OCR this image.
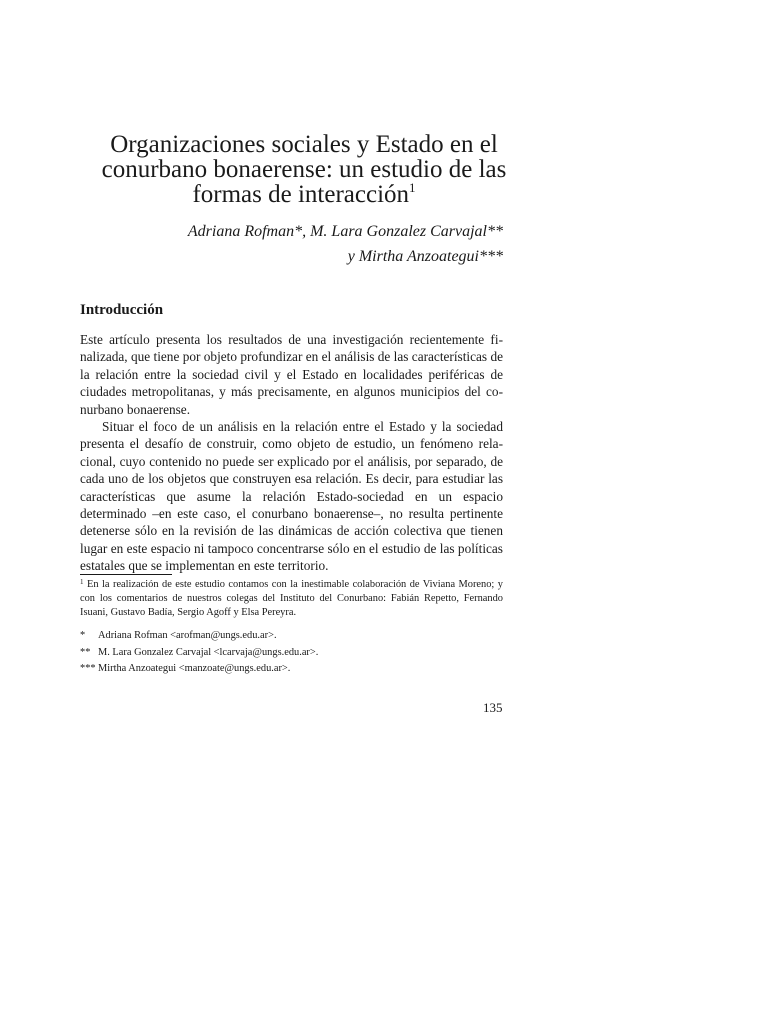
Organizaciones sociales y Estado en el conurbano bonaerense: un estudio de las formas de interacción$^1$
Adriana Rofman*, M. Lara Gonzalez Carvajal**
y Mirtha Anzoategui***
Introducción

Este artículo presenta los resultados de una investigación recientemente finalizada, que tiene por objeto profundizar en el análisis de las características de la relación entre la sociedad civil y el Estado en localidades periféricas de ciudades metropolitanas, y más precisamente, en algunos municipios del conurbano bonaerense.

Situar el foco de un análisis en la relación entre el Estado y la sociedad presenta el desafío de construir, como objeto de estudio, un fenómeno relacional, cuyo contenido no puede ser explicado por el análisis, por separado, de cada uno de los objetos que construyen esa relación. Es decir, para estudiar las características que asume la relación Estado-sociedad en un espacio determinado –en este caso, el conurbano bonaerense–, no resulta pertinente detenerse sólo en la revisión de las dinámicas de acción colectiva que tienen lugar en este espacio ni tampoco concentrarse sólo en el estudio de las políticas estatales que se implementan en este territorio.

$^1$ En la realización de este estudio contamos con la inestimable colaboración de Viviana Moreno; y con los comentarios de nuestros colegas del Instituto del Conurbano: Fabián Repetto, Fernando Isuani, Gustavo Badía, Sergio Agoff y Elsa Pereyra.

*	Adriana Rofman <arofman@ungs.edu.ar>.

** M. Lara Gonzalez Carvajal <lcarvaja@ungs.edu.ar>.

*** Mirtha Anzoategui <manzoate@ungs.edu.ar>.

135
